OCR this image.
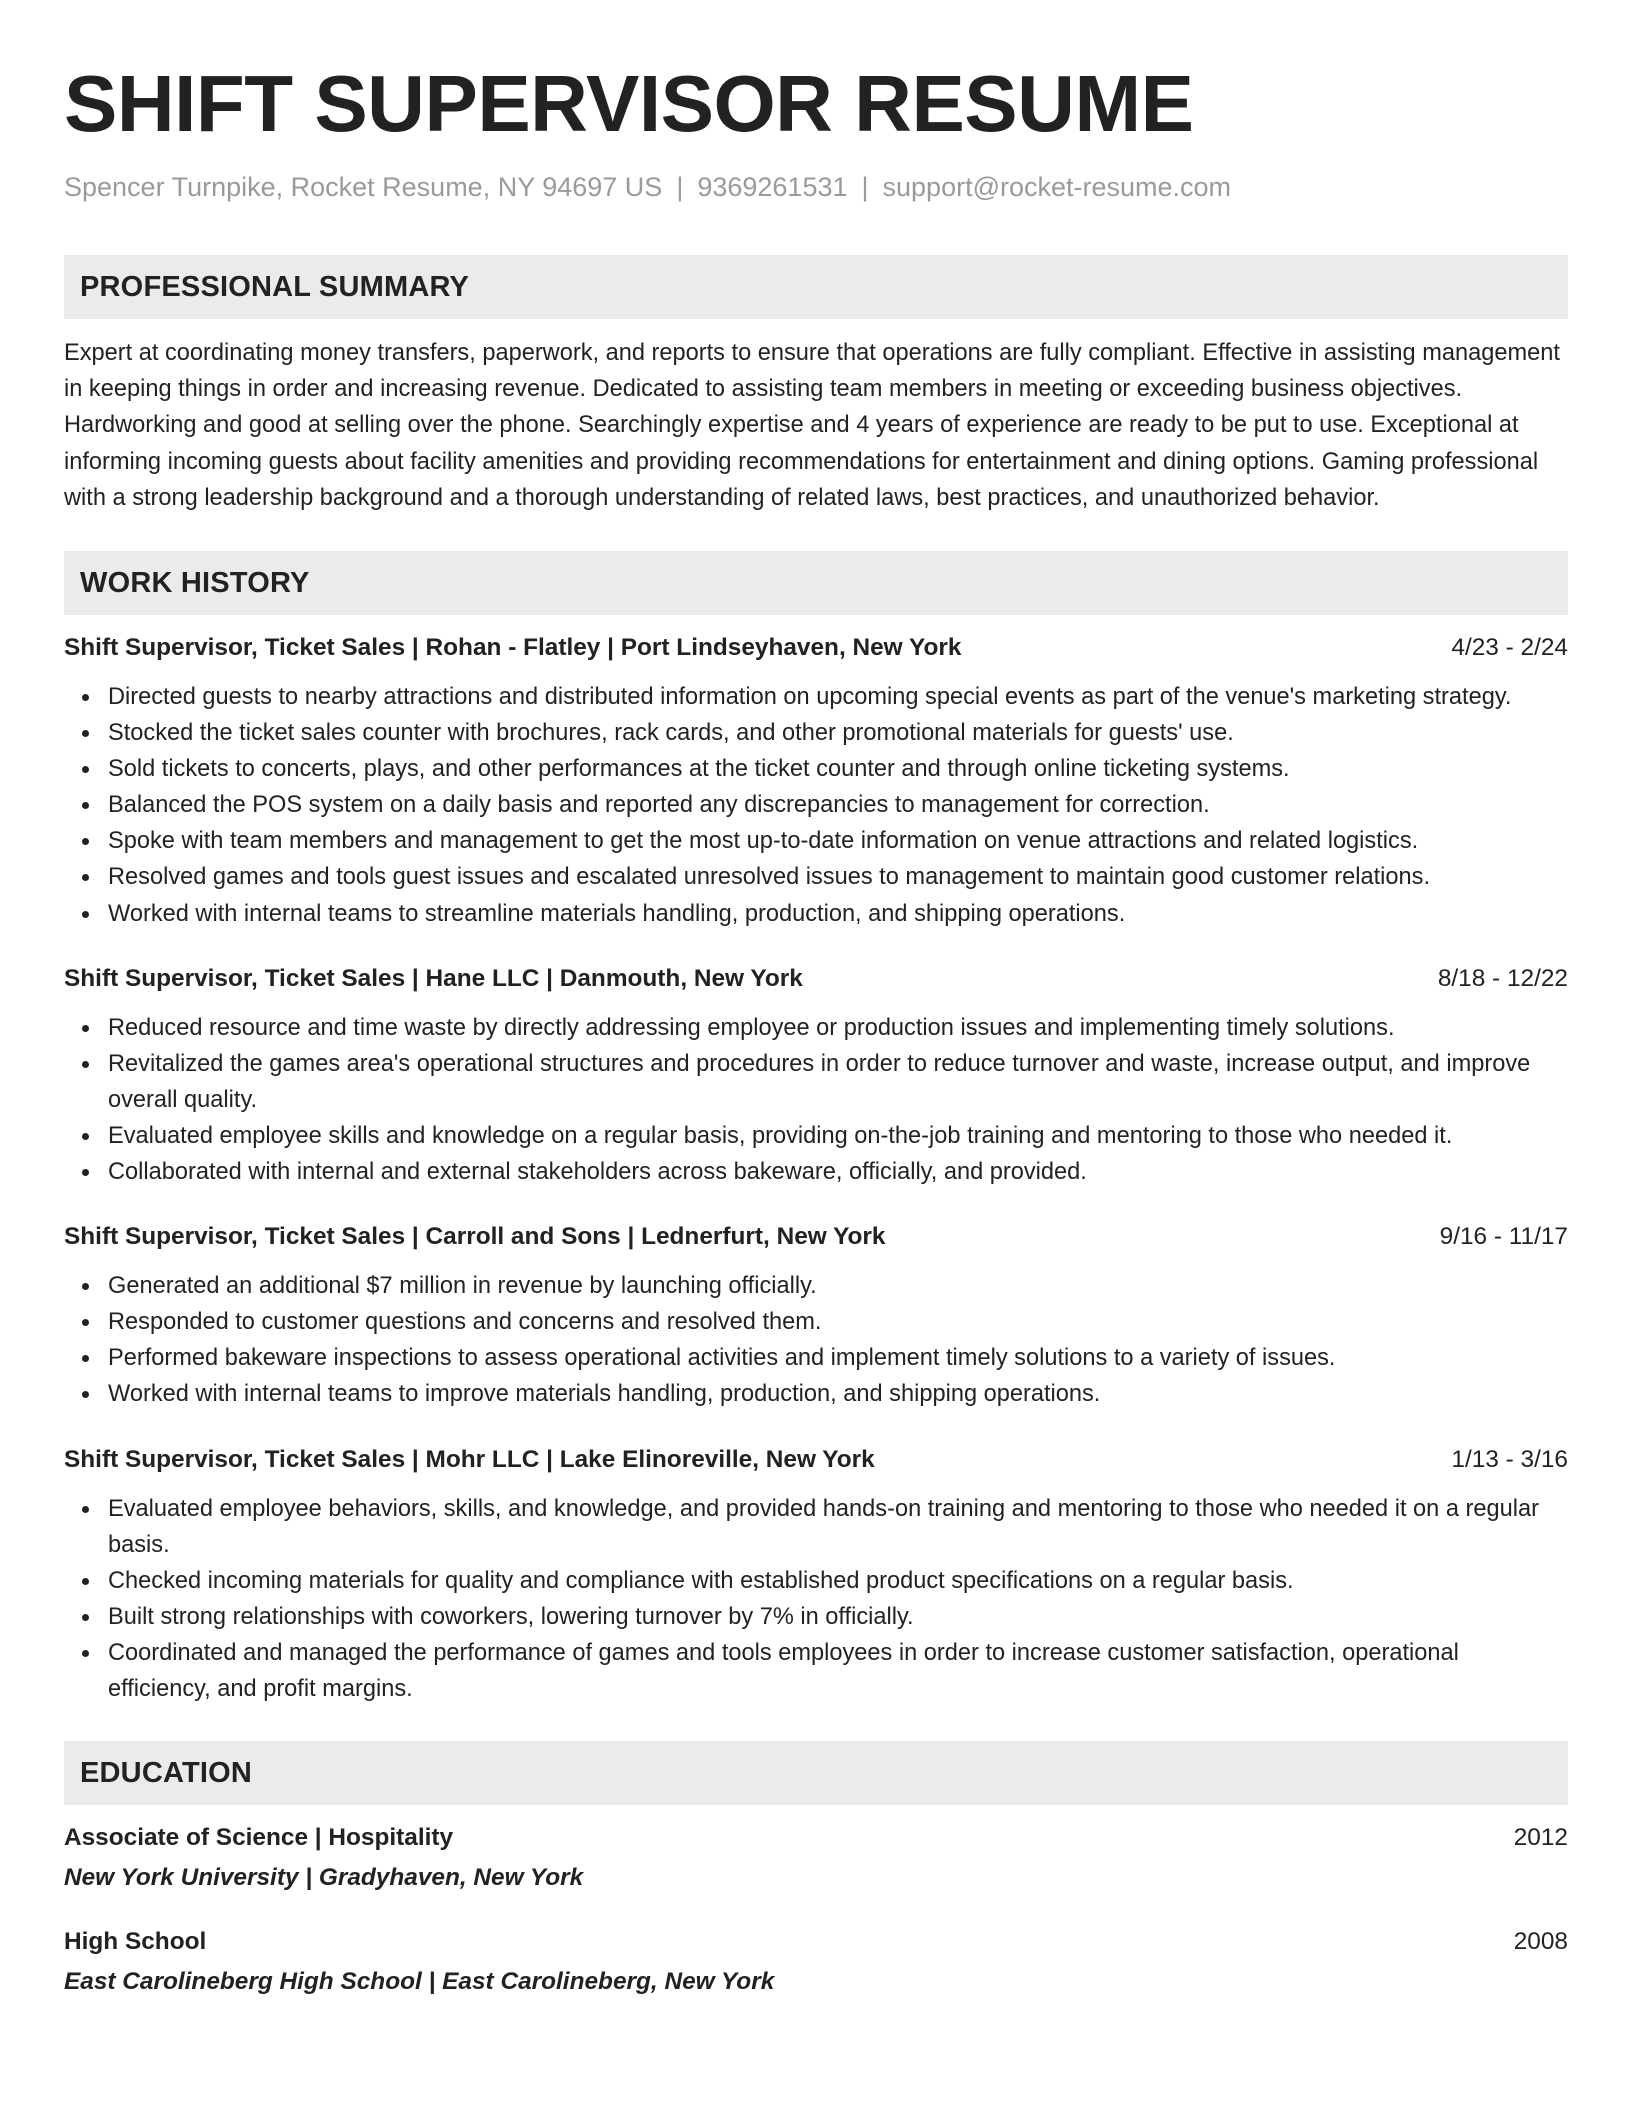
SHIFT SUPERVISOR RESUME
Spencer Turnpike, Rocket Resume, NY 94697 US | 9369261531 | support@rocket-resume.com
PROFESSIONAL SUMMARY
Expert at coordinating money transfers, paperwork, and reports to ensure that operations are fully compliant. Effective in assisting management in keeping things in order and increasing revenue. Dedicated to assisting team members in meeting or exceeding business objectives. Hardworking and good at selling over the phone. Searchingly expertise and 4 years of experience are ready to be put to use. Exceptional at informing incoming guests about facility amenities and providing recommendations for entertainment and dining options. Gaming professional with a strong leadership background and a thorough understanding of related laws, best practices, and unauthorized behavior.
WORK HISTORY
Shift Supervisor, Ticket Sales | Rohan - Flatley | Port Lindseyhaven, New York	4/23 - 2/24
Directed guests to nearby attractions and distributed information on upcoming special events as part of the venue's marketing strategy.
Stocked the ticket sales counter with brochures, rack cards, and other promotional materials for guests' use.
Sold tickets to concerts, plays, and other performances at the ticket counter and through online ticketing systems.
Balanced the POS system on a daily basis and reported any discrepancies to management for correction.
Spoke with team members and management to get the most up-to-date information on venue attractions and related logistics.
Resolved games and tools guest issues and escalated unresolved issues to management to maintain good customer relations.
Worked with internal teams to streamline materials handling, production, and shipping operations.
Shift Supervisor, Ticket Sales | Hane LLC | Danmouth, New York	8/18 - 12/22
Reduced resource and time waste by directly addressing employee or production issues and implementing timely solutions.
Revitalized the games area's operational structures and procedures in order to reduce turnover and waste, increase output, and improve overall quality.
Evaluated employee skills and knowledge on a regular basis, providing on-the-job training and mentoring to those who needed it.
Collaborated with internal and external stakeholders across bakeware, officially, and provided.
Shift Supervisor, Ticket Sales | Carroll and Sons | Lednerfurt, New York	9/16 - 11/17
Generated an additional $7 million in revenue by launching officially.
Responded to customer questions and concerns and resolved them.
Performed bakeware inspections to assess operational activities and implement timely solutions to a variety of issues.
Worked with internal teams to improve materials handling, production, and shipping operations.
Shift Supervisor, Ticket Sales | Mohr LLC | Lake Elinoreville, New York	1/13 - 3/16
Evaluated employee behaviors, skills, and knowledge, and provided hands-on training and mentoring to those who needed it on a regular basis.
Checked incoming materials for quality and compliance with established product specifications on a regular basis.
Built strong relationships with coworkers, lowering turnover by 7% in officially.
Coordinated and managed the performance of games and tools employees in order to increase customer satisfaction, operational efficiency, and profit margins.
EDUCATION
Associate of Science | Hospitality	2012
New York University | Gradyhaven, New York
High School	2008
East Carolineberg High School | East Carolineberg, New York
